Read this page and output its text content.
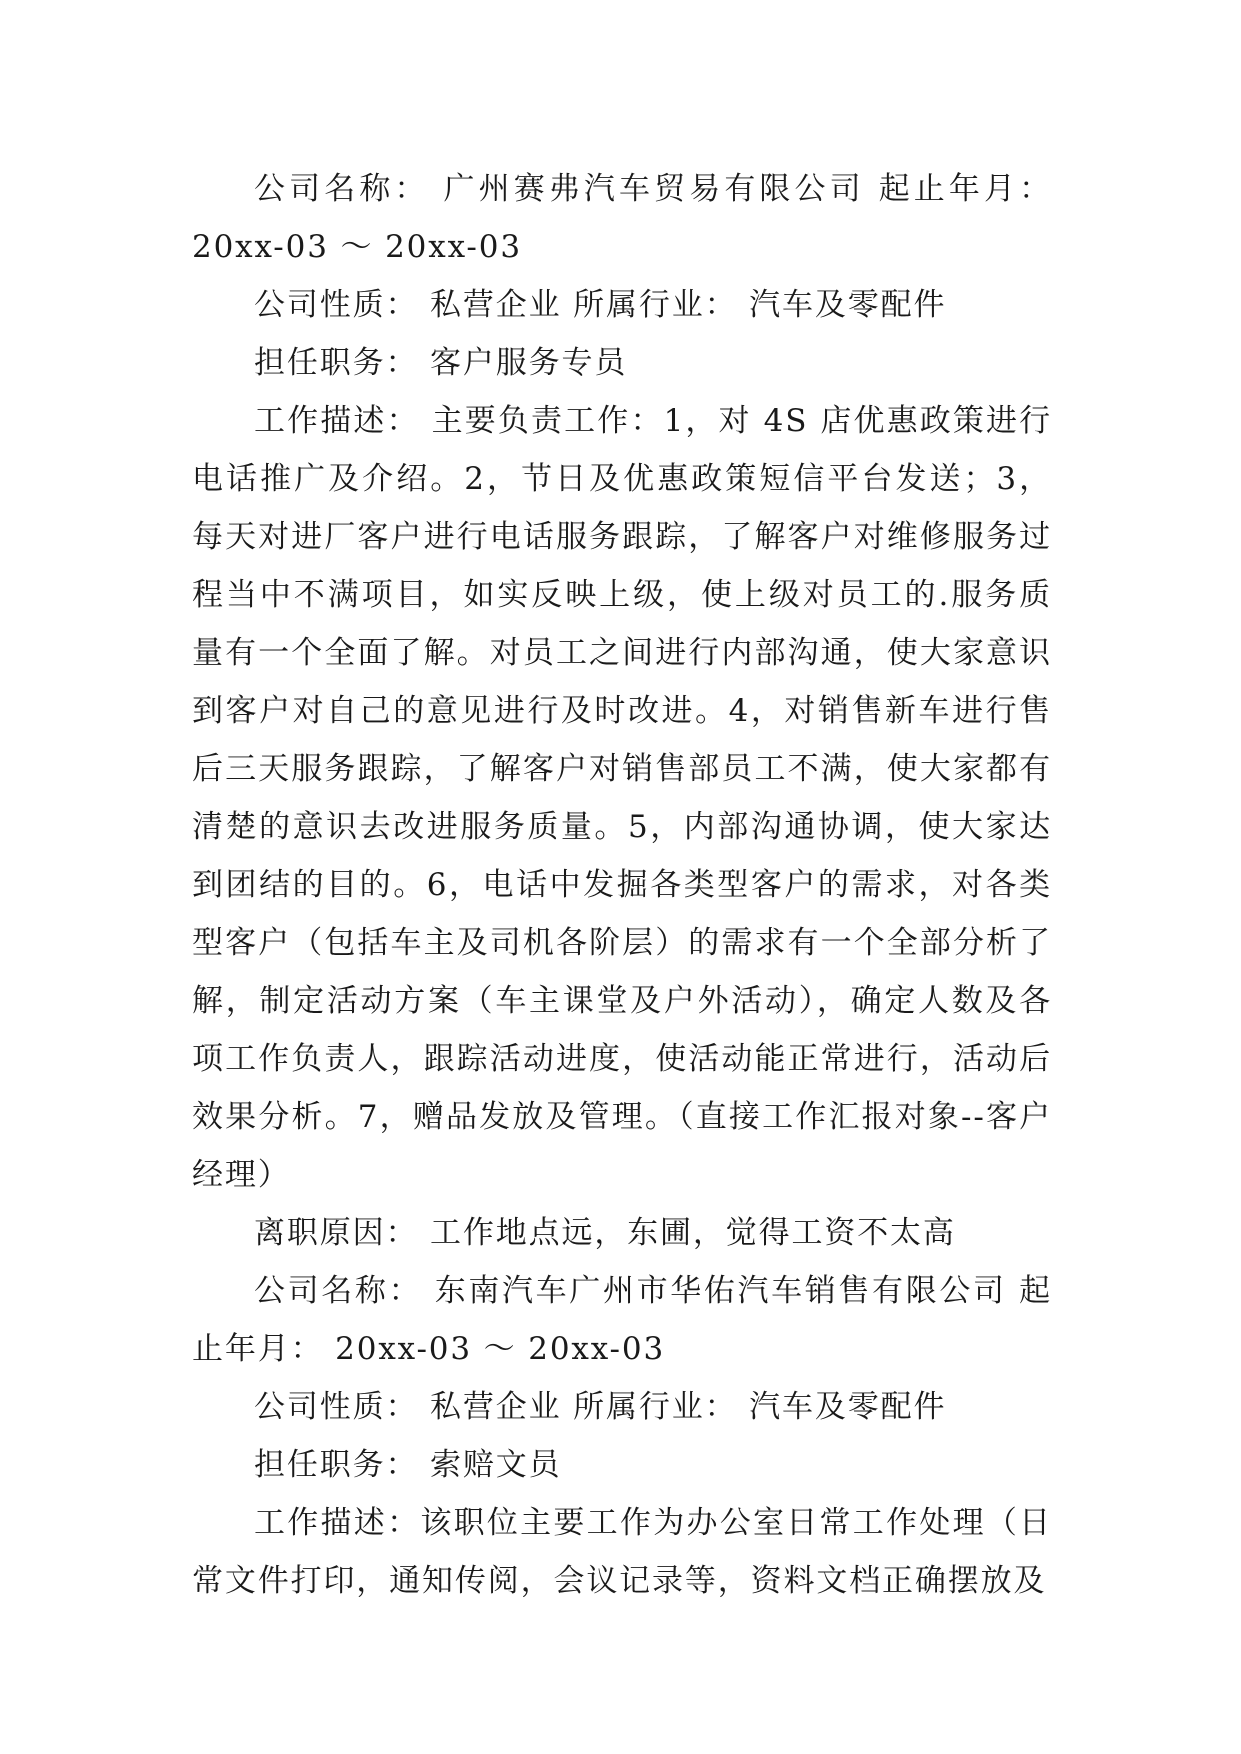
公司名称： 广州赛弗汽车贸易有限公司 起止年月： 20xx-03 ～ 20xx-03

公司性质： 私营企业 所属行业： 汽车及零配件

担任职务： 客户服务专员

工作描述： 主要负责工作：1，对 4S 店优惠政策进行电话推广及介绍。2，节日及优惠政策短信平台发送；3，每天对进厂客户进行电话服务跟踪，了解客户对维修服务过程当中不满项目，如实反映上级，使上级对员工的.服务质量有一个全面了解。对员工之间进行内部沟通，使大家意识到客户对自己的意见进行及时改进。4，对销售新车进行售后三天服务跟踪，了解客户对销售部员工不满，使大家都有清楚的意识去改进服务质量。5，内部沟通协调，使大家达到团结的目的。6，电话中发掘各类型客户的需求，对各类型客户（包括车主及司机各阶层）的需求有一个全部分析了解，制定活动方案（车主课堂及户外活动），确定人数及各项工作负责人，跟踪活动进度，使活动能正常进行，活动后效果分析。7，赠品发放及管理。（直接工作汇报对象--客户经理）

离职原因： 工作地点远，东圃，觉得工资不太高

公司名称： 东南汽车广州市华佑汽车销售有限公司 起止年月： 20xx-03 ～ 20xx-03

公司性质： 私营企业 所属行业： 汽车及零配件

担任职务： 索赔文员

工作描述：该职位主要工作为办公室日常工作处理（日常文件打印，通知传阅，会议记录等，资料文档正确摆放及
